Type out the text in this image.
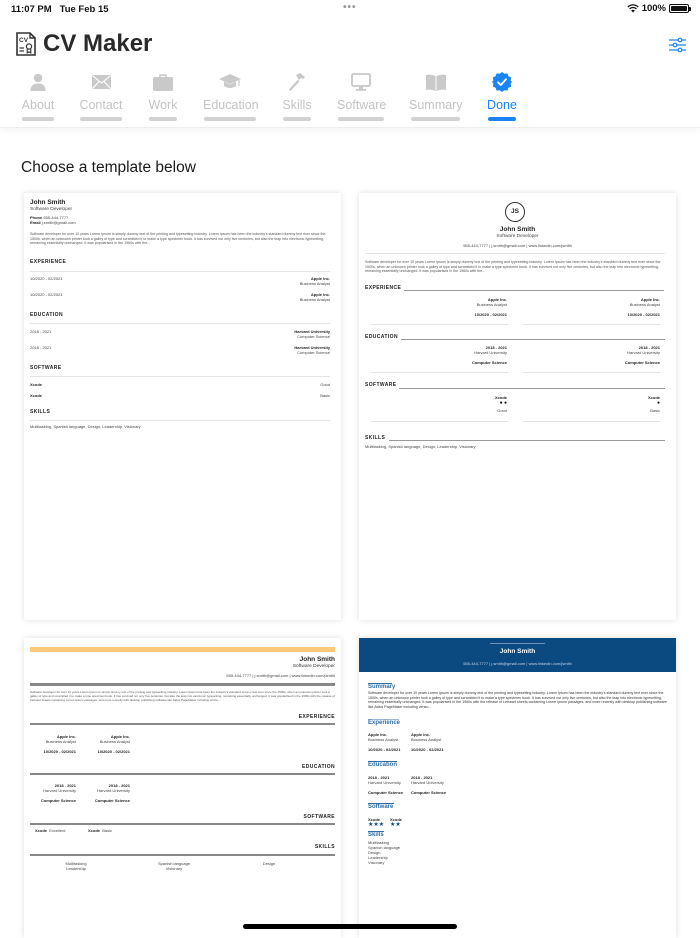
11:07 PM Tue Feb 15	•••	100%
CV CV Maker
About Contact Work Education Skills Software Summary Done
Choose a template below
John Smith
Software Developer
Phone 555-444-7777
Email j.smith@gmail.com
Software developer for over 10 years Lorem Ipsum is simply dummy text of the printing and typesetting industry. Lorem Ipsum has been the industry's standard dummy text ever since the 1500s, when an unknown printer took a galley of type and scrambled it to make a type specimen book. It has survived not only five centuries, but also the leap into electronic typesetting, remaining essentially unchanged. It was popularised in the 1960s with the...
EXPERIENCE
10/2020 - 02/2021	Apple Inc.
Business Analyst
10/2020 - 02/2021	Apple Inc.
Business Analyst
EDUCATION
2018 - 2021	Harvard University
Computer Science
2018 - 2021	Harvard University
Computer Science
SOFTWARE
Xcode	Good
Xcode	Basic
SKILLS
Multitasking, Spanish language, Design, Leadership, Visionary
JS
John Smith
Software Developer
555-444-7777 | j.smith@gmail.com | www.linkedin.com/jsmith
Software developer for over 10 years Lorem Ipsum is simply dummy text of the printing and typesetting industry. Lorem Ipsum has been the industry's standard dummy text ever since the 1500s, when an unknown printer took a galley of type and scrambled it to make a type specimen book. It has survived not only five centuries, but also the leap into electronic typesetting, remaining essentially unchanged. It was popularised in the 1960s with the...
EXPERIENCE
Apple Inc.
Business Analyst

10/2020 - 02/2021
Apple Inc.
Business Analyst

10/2020 - 02/2021
EDUCATION
2018 - 2021
Harvard University

Computer Science
2018 - 2021
Harvard University

Computer Science
SOFTWARE
Xcode
● ●
Good
Xcode
●
Basic
SKILLS
Multitasking, Spanish language, Design, Leadership, Visionary
John Smith
Software Developer
555-444-7777 | j.smith@gmail.com | www.linkedin.com/jsmith
Software developer for over 10 years Lorem Ipsum is simply dummy text of the printing and typesetting industry. Lorem Ipsum has been the industry's standard dummy text ever since the 1500s, when an unknown printer took a galley of type and scrambled it to make a type specimen book. It has survived not only five centuries, but also the leap into electronic typesetting, remaining essentially unchanged. It was popularised in the 1960s with the release of Letraset sheets containing Lorem Ipsum passages, and more recently with desktop publishing software like Aldus PageMaker including versio...
EXPERIENCE
Apple Inc.
Business Analyst

10/2020 - 02/2021
Apple Inc.
Business Analyst

10/2020 - 02/2021
EDUCATION
2018 - 2021
Harvard University

Computer Science
2018 - 2021
Harvard University

Computer Science
SOFTWARE
Xcode Excellent	Xcode Basic
SKILLS
Multitasking
Leadership
Spanish language
Visionary
Design
John Smith
555-444-7777 | j.smith@gmail.com | www.linkedin.com/jsmith
Summary
Software developer for over 10 years Lorem Ipsum is simply dummy text of the printing and typesetting industry. Lorem Ipsum has been the industry's standard dummy text ever since the 1500s, when an unknown printer took a galley of type and scrambled it to make a type specimen book. It has survived not only five centuries, but also the leap into electronic typesetting, remaining essentially unchanged. It was popularised in the 1960s with the release of Letraset sheets containing Lorem Ipsum passages, and more recently with desktop publishing software like Aldus PageMaker including versio...
Experience
Apple Inc.
Business Analyst

10/2020 - 02/2021
Apple Inc.
Business Analyst

10/2020 - 02/2021
Education
2018 - 2021
Harvard University

Computer Science
2018 - 2021
Harvard University

Computer Science
Software
Xcode
★★★
Xcode
★★
Skills
Multitasking
Spanish language
Design
Leadership
Visionary
